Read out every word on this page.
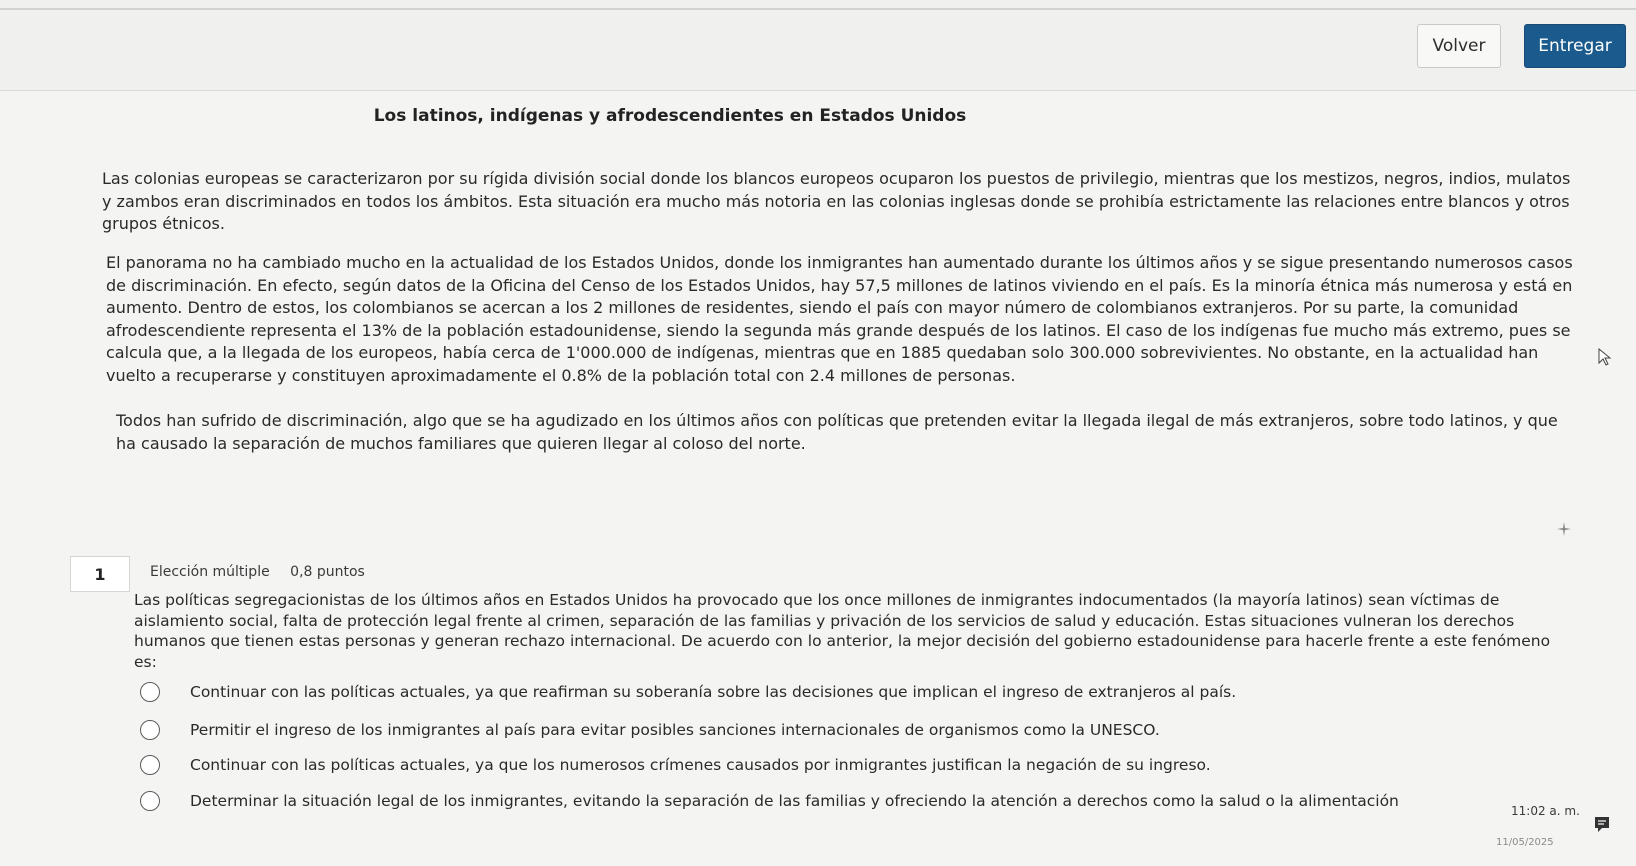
Volver	Entregar
Los latinos, indígenas y afrodescendientes en Estados Unidos
Las colonias europeas se caracterizaron por su rígida división social donde los blancos europeos ocuparon los puestos de privilegio, mientras que los mestizos, negros, indios, mulatos y zambos eran discriminados en todos los ámbitos. Esta situación era mucho más notoria en las colonias inglesas donde se prohibía estrictamente las relaciones entre blancos y otros grupos étnicos.
El panorama no ha cambiado mucho en la actualidad de los Estados Unidos, donde los inmigrantes han aumentado durante los últimos años y se sigue presentando numerosos casos de discriminación. En efecto, según datos de la Oficina del Censo de los Estados Unidos, hay 57,5 millones de latinos viviendo en el país. Es la minoría étnica más numerosa y está en aumento. Dentro de estos, los colombianos se acercan a los 2 millones de residentes, siendo el país con mayor número de colombianos extranjeros. Por su parte, la comunidad afrodescendiente representa el 13% de la población estadounidense, siendo la segunda más grande después de los latinos. El caso de los indígenas fue mucho más extremo, pues se calcula que, a la llegada de los europeos, había cerca de 1'000.000 de indígenas, mientras que en 1885 quedaban solo 300.000 sobrevivientes. No obstante, en la actualidad han vuelto a recuperarse y constituyen aproximadamente el 0.8% de la población total con 2.4 millones de personas.
Todos han sufrido de discriminación, algo que se ha agudizado en los últimos años con políticas que pretenden evitar la llegada ilegal de más extranjeros, sobre todo latinos, y que ha causado la separación de muchos familiares que quieren llegar al coloso del norte.
1	Elección múltiple 0,8 puntos
Las políticas segregacionistas de los últimos años en Estados Unidos ha provocado que los once millones de inmigrantes indocumentados (la mayoría latinos) sean víctimas de aislamiento social, falta de protección legal frente al crimen, separación de las familias y privación de los servicios de salud y educación. Estas situaciones vulneran los derechos humanos que tienen estas personas y generan rechazo internacional. De acuerdo con lo anterior, la mejor decisión del gobierno estadounidense para hacerle frente a este fenómeno es:
Continuar con las políticas actuales, ya que reafirman su soberanía sobre las decisiones que implican el ingreso de extranjeros al país.
Permitir el ingreso de los inmigrantes al país para evitar posibles sanciones internacionales de organismos como la UNESCO.
Continuar con las políticas actuales, ya que los numerosos crímenes causados por inmigrantes justifican la negación de su ingreso.
Determinar la situación legal de los inmigrantes, evitando la separación de las familias y ofreciendo la atención a derechos como la salud o la alimentación
11:02 a. m.
11/05/2025
